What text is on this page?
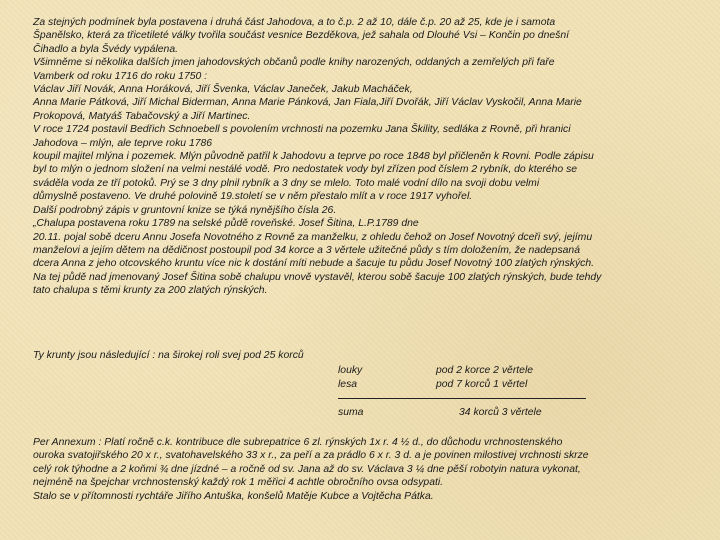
Za stejných podmínek byla postavena i druhá část Jahodova, a to č.p. 2 až 10, dále č.p. 20 až 25, kde je i samota
Španělsko, která za třicetileté války tvořila součást vesnice Bezděkova, jež sahala od Dlouhé Vsi – Končin po dnešní
Čihadlo a byla Švédy vypálena.
Všimněme si několika dalších jmen jahodovských občanů podle knihy narozených, oddaných a zemřelých při faře
Vamberk od roku 1716 do roku 1750 :
Václav Jiří Novák, Anna Horáková, Jiří Švenka, Václav Janeček, Jakub Macháček,
Anna Marie Pátková, Jiří Michal Biderman, Anna Marie Pánková, Jan Fiala,Jiří Dvořák, Jiří Václav Vyskočil, Anna Marie
Prokopová, Matyáš Tabačovský a Jiří Martinec.
V roce 1724 postavil Bedřich Schnoebell s povolením vrchnosti na pozemku Jana Škility, sedláka z Rovně, při hranici
Jahodova – mlýn, ale teprve roku 1786
koupil majitel mlýna i pozemek. Mlýn původně patřil k Jahodovu a teprve po roce 1848 byl přičleněn k Rovni. Podle zápisu
byl to mlýn o jednom složení na velmi nestálé vodě. Pro nedostatek vody byl zřízen pod číslem 2 rybník, do kterého se
sváděla voda ze tří potoků. Prý se 3 dny plnil rybník a 3 dny se mlelo. Toto malé vodní dílo na svoji dobu velmi
důmyslně postaveno. Ve druhé polovině 19.století se v něm přestalo mlít a v roce 1917 vyhořel.
Další podrobný zápis v gruntovní knize se týká nynějšího čísla 26.
„Chalupa postavena roku 1789 na selské půdě roveňské. Josef Šitina, L.P.1789 dne
20.11. pojal sobě dceru Annu Josefa Novotného z Rovně za manželku, z ohledu čehož on Josef Novotný dceři svý, jejímu
manželovi a jejím dětem na dědičnost postoupil pod 34 korce a 3 věrtele užitečné půdy s tím doložením, že nadepsaná
dcera Anna z jeho otcovského kruntu více nic k dostání míti nebude a šacuje tu půdu Josef Novotný 100 zlatých rýnských.
Na tej půdě nad jmenovaný Josef Šitina sobě chalupu vnově vystavěl, kterou sobě šacuje 100 zlatých rýnských, bude tehdy
tato chalupa s těmi krunty za 200 zlatých rýnských.
Ty krunty jsou následující : na širokej roli svej pod 25 korců
louky	pod 2 korce 2 věrtele
lesa	pod 7 korců 1 věrtel
suma	34 korců 3 věrtele
Per Annexum : Platí ročně c.k. kontribuce dle subrepatrice 6 zl. rýnských 1x r. 4 ½ d., do důchodu vrchnostenského
ouroka svatojiřského 20 x r., svatohavelského 33 x r., za peří a za prádlo 6 x r. 3 d. a je povinen milostivej vrchnosti skrze
celý rok týhodne a 2 koňmi ¾ dne jízdné – a ročně od sv. Jana až do sv. Václava 3 ¼ dne pěší robotyin natura vykonat,
nejméně na špejchar vrchnostenský každý rok 1 měřici 4 achtle obročního ovsa odsypati.
Stalo se v přítomnosti rychtáře Jiřího Antuška, konšelů Matěje Kubce a Vojtěcha Pátka.
